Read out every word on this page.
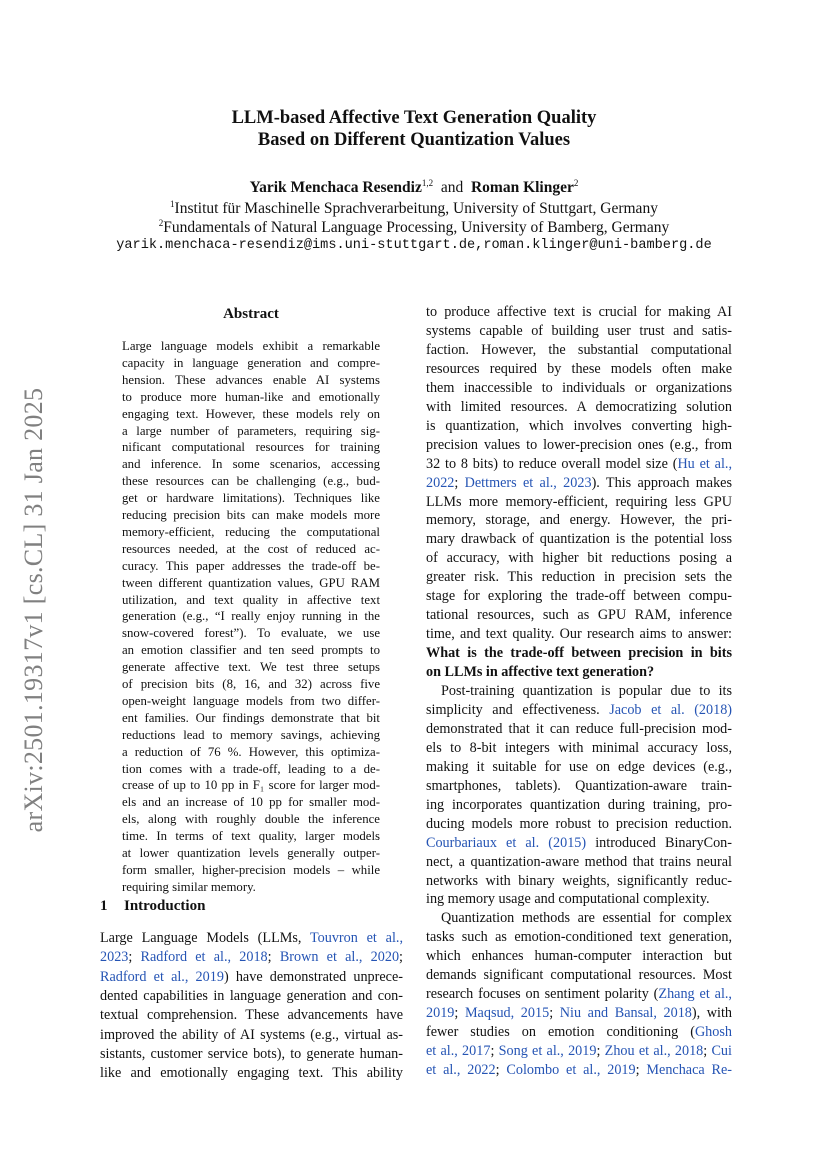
arXiv:2501.19317v1 [cs.CL] 31 Jan 2025
LLM-based Affective Text Generation Quality
Based on Different Quantization Values
Yarik Menchaca Resendiz$^{1,2}$ and Roman Klinger$^2$
$^1$Institut für Maschinelle Sprachverarbeitung, University of Stuttgart, Germany
$^2$Fundamentals of Natural Language Processing, University of Bamberg, Germany
yarik.menchaca-resendiz@ims.uni-stuttgart.de,roman.klinger@uni-bamberg.de
Abstract
Large language models exhibit a remarkable
capacity in language generation and compre-
hension. These advances enable AI systems
to produce more human-like and emotionally
engaging text. However, these models rely on
a large number of parameters, requiring sig-
nificant computational resources for training
and inference. In some scenarios, accessing
these resources can be challenging (e.g., bud-
get or hardware limitations). Techniques like
reducing precision bits can make models more
memory-efficient, reducing the computational
resources needed, at the cost of reduced ac-
curacy. This paper addresses the trade-off be-
tween different quantization values, GPU RAM
utilization, and text quality in affective text
generation (e.g., “I really enjoy running in the
snow-covered forest”). To evaluate, we use
an emotion classifier and ten seed prompts to
generate affective text. We test three setups
of precision bits (8, 16, and 32) across five
open-weight language models from two differ-
ent families. Our findings demonstrate that bit
reductions lead to memory savings, achieving
a reduction of 76 %. However, this optimiza-
tion comes with a trade-off, leading to a de-
crease of up to 10 pp in F₁ score for larger mod-
els and an increase of 10 pp for smaller mod-
els, along with roughly double the inference
time. In terms of text quality, larger models
at lower quantization levels generally outper-
form smaller, higher-precision models – while
requiring similar memory.
1 Introduction
Large Language Models (LLMs, Touvron et al.,
2023; Radford et al., 2018; Brown et al., 2020;
Radford et al., 2019) have demonstrated unprece-
dented capabilities in language generation and con-
textual comprehension. These advancements have
improved the ability of AI systems (e.g., virtual as-
sistants, customer service bots), to generate human-
like and emotionally engaging text. This ability
to produce affective text is crucial for making AI
systems capable of building user trust and satis-
faction. However, the substantial computational
resources required by these models often make
them inaccessible to individuals or organizations
with limited resources. A democratizing solution
is quantization, which involves converting high-
precision values to lower-precision ones (e.g., from
32 to 8 bits) to reduce overall model size (Hu et al.,
2022; Dettmers et al., 2023). This approach makes
LLMs more memory-efficient, requiring less GPU
memory, storage, and energy. However, the pri-
mary drawback of quantization is the potential loss
of accuracy, with higher bit reductions posing a
greater risk. This reduction in precision sets the
stage for exploring the trade-off between compu-
tational resources, such as GPU RAM, inference
time, and text quality. Our research aims to answer:
What is the trade-off between precision in bits
on LLMs in affective text generation?
Post-training quantization is popular due to its
simplicity and effectiveness. Jacob et al. (2018)
demonstrated that it can reduce full-precision mod-
els to 8-bit integers with minimal accuracy loss,
making it suitable for use on edge devices (e.g.,
smartphones, tablets). Quantization-aware train-
ing incorporates quantization during training, pro-
ducing models more robust to precision reduction.
Courbariaux et al. (2015) introduced BinaryCon-
nect, a quantization-aware method that trains neural
networks with binary weights, significantly reduc-
ing memory usage and computational complexity.
Quantization methods are essential for complex
tasks such as emotion-conditioned text generation,
which enhances human-computer interaction but
demands significant computational resources. Most
research focuses on sentiment polarity (Zhang et al.,
2019; Maqsud, 2015; Niu and Bansal, 2018), with
fewer studies on emotion conditioning (Ghosh
et al., 2017; Song et al., 2019; Zhou et al., 2018; Cui
et al., 2022; Colombo et al., 2019; Menchaca Re-
